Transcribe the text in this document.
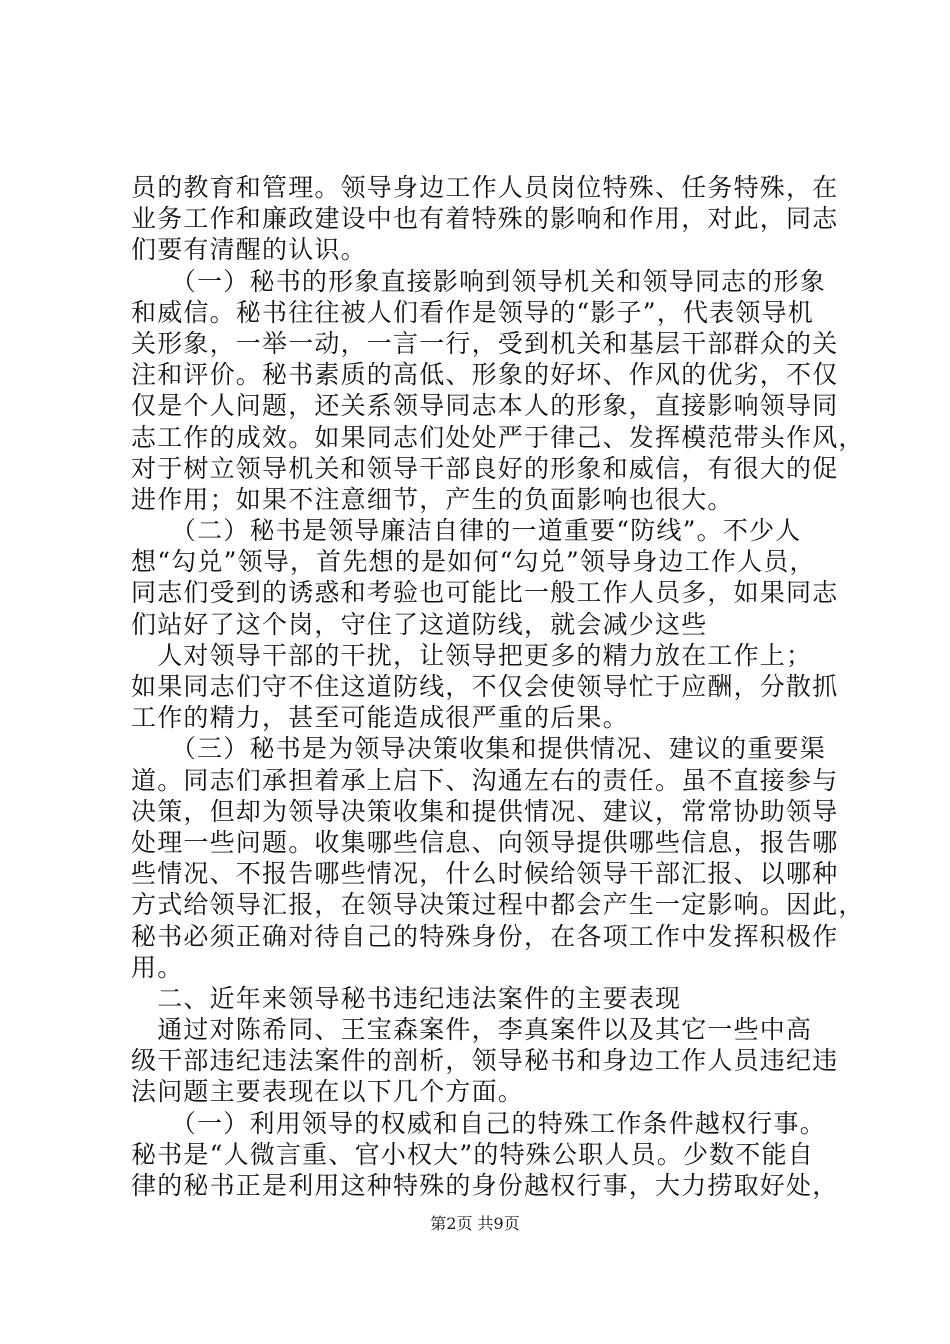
员的教育和管理。领导身边工作人员岗位特殊、任务特殊，在
业务工作和廉政建设中也有着特殊的影响和作用，对此，同志
们要有清醒的认识。
　　（一）秘书的形象直接影响到领导机关和领导同志的形象
和威信。秘书往往被人们看作是领导的“影子”，代表领导机
关形象，一举一动，一言一行，受到机关和基层干部群众的关
注和评价。秘书素质的高低、形象的好坏、作风的优劣，不仅
仅是个人问题，还关系领导同志本人的形象，直接影响领导同
志工作的成效。如果同志们处处严于律己、发挥模范带头作风，
对于树立领导机关和领导干部良好的形象和威信，有很大的促
进作用；如果不注意细节，产生的负面影响也很大。
　　（二）秘书是领导廉洁自律的一道重要“防线”。不少人
想“勾兑”领导，首先想的是如何“勾兑”领导身边工作人员，
同志们受到的诱惑和考验也可能比一般工作人员多，如果同志
们站好了这个岗，守住了这道防线，就会减少这些
　人对领导干部的干扰，让领导把更多的精力放在工作上；
如果同志们守不住这道防线，不仅会使领导忙于应酬，分散抓
工作的精力，甚至可能造成很严重的后果。
　　（三）秘书是为领导决策收集和提供情况、建议的重要渠
道。同志们承担着承上启下、沟通左右的责任。虽不直接参与
决策，但却为领导决策收集和提供情况、建议，常常协助领导
处理一些问题。收集哪些信息、向领导提供哪些信息，报告哪
些情况、不报告哪些情况，什么时候给领导干部汇报、以哪种
方式给领导汇报，在领导决策过程中都会产生一定影响。因此，
秘书必须正确对待自己的特殊身份，在各项工作中发挥积极作
用。
　二、近年来领导秘书违纪违法案件的主要表现
　通过对陈希同、王宝森案件，李真案件以及其它一些中高
级干部违纪违法案件的剖析，领导秘书和身边工作人员违纪违
法问题主要表现在以下几个方面。
　　（一）利用领导的权威和自己的特殊工作条件越权行事。
秘书是“人微言重、官小权大”的特殊公职人员。少数不能自
律的秘书正是利用这种特殊的身份越权行事，大力捞取好处，
第2页 共9页
